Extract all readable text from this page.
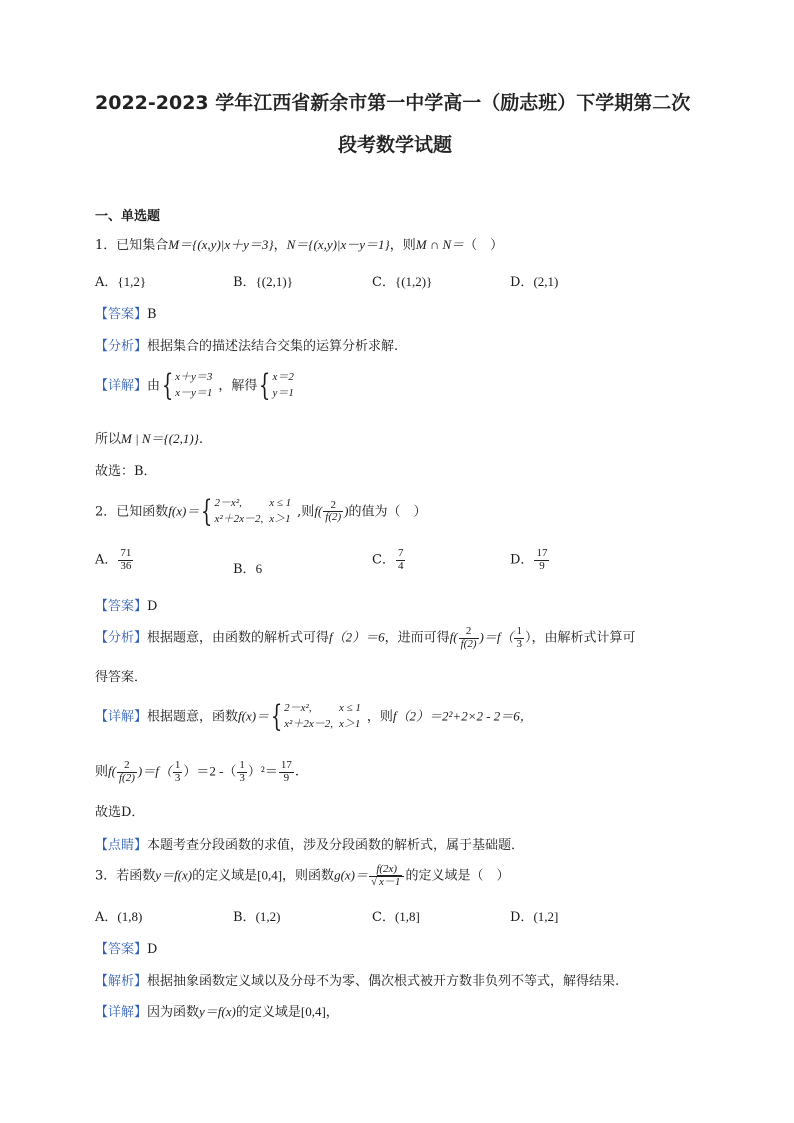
2022-2023 学年江西省新余市第一中学高一（励志班）下学期第二次
段考数学试题
一、单选题
1．已知集合M＝{(x,y)|x＋y＝3}，N＝{(x,y)|x－y＝1}，则M ∩ N＝（　）
A．{1,2}	B．{(2,1)}	C．{(1,2)}	D．(2,1)
【答案】B
【分析】根据集合的描述法结合交集的运算分析求解.
【详解】由{ x＋y＝3
x－y＝1 ，解得{ x＝2
y＝1
所以M | N＝{(2,1)}.
故选：B．
2．已知函数f(x)＝{ 2－x²,	x ≤ 1
x²＋2x－2,	x＞1 ,则$f( \frac{2}{f(2)}$ )的值为（　）
A． $\frac{71}{36}$	B．6
C． $\frac{7}{4}$	D． $\frac{17}{9}$
【答案】D
【分析】根据题意，由函数的解析式可得f（2）＝6，进而可得$f( \frac{2}{f(2)} )=f( \frac{1}{3}$ ），由解析式计算可
得答案．
【详解】根据题意，函数f(x)＝{ 2－x²,	x ≤ 1
x²＋2x－2,	x＞1 ，则f（2）＝2²+2×2 - 2＝6，
则$f( \frac{2}{f(2)} )=f( \frac{1}{3} )=2$ -（ $\frac{1}{3} )^2= \frac{17}{9}$ .
故选D．
【点睛】本题考查分段函数的求值，涉及分段函数的解析式，属于基础题．
3．若函数y＝f(x)的定义域是[0,4]，则函数$g(x)= \frac{f(2x)}{√ x-1}$ 的定义域是（　）
A．(1,8)	B．(1,2)	C．(1,8]	D．(1,2]
【答案】D
【解析】根据抽象函数定义域以及分母不为零、偶次根式被开方数非负列不等式，解得结果.
【详解】因为函数y＝f(x)的定义域是[0,4]，
